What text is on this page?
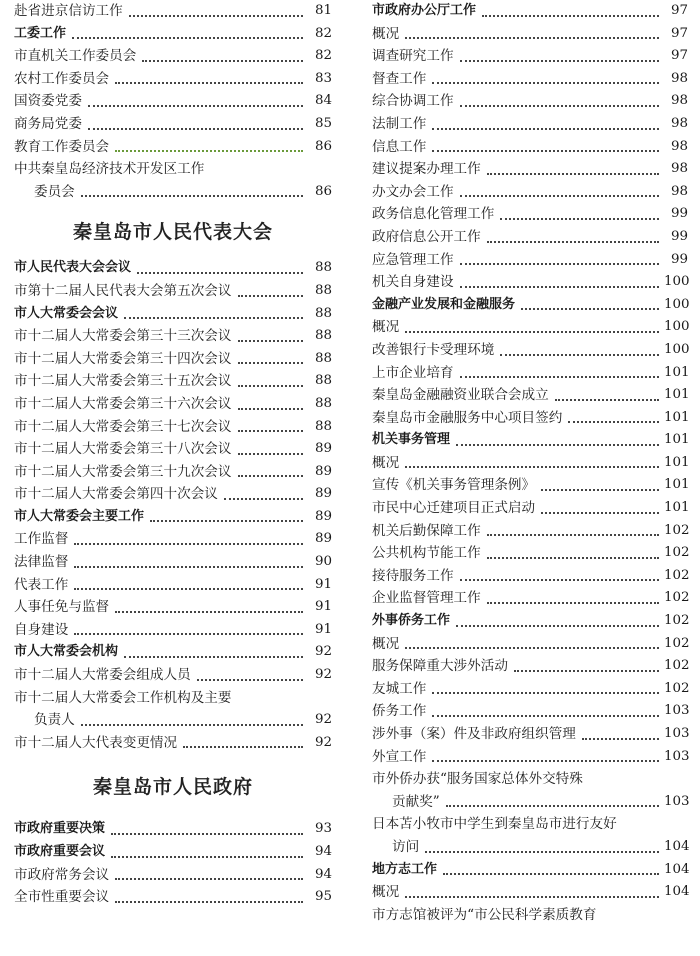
赴省进京信访工作	81
工委工作	82
市直机关工作委员会	82
农村工作委员会	83
国资委党委	84
商务局党委	85
教育工作委员会	86
中共秦皇岛经济技术开发区工作
委员会	86
秦皇岛市人民代表大会
市人民代表大会会议	88
市第十二届人民代表大会第五次会议	88
市人大常委会会议	88
市十二届人大常委会第三十三次会议	88
市十二届人大常委会第三十四次会议	88
市十二届人大常委会第三十五次会议	88
市十二届人大常委会第三十六次会议	88
市十二届人大常委会第三十七次会议	88
市十二届人大常委会第三十八次会议	89
市十二届人大常委会第三十九次会议	89
市十二届人大常委会第四十次会议	89
市人大常委会主要工作	89
工作监督	89
法律监督	90
代表工作	91
人事任免与监督	91
自身建设	91
市人大常委会机构	92
市十二届人大常委会组成人员	92
市十二届人大常委会工作机构及主要
负责人	92
市十二届人大代表变更情况	92
秦皇岛市人民政府
市政府重要决策	93
市政府重要会议	94
市政府常务会议	94
全市性重要会议	95
市政府办公厅工作	97
概况	97
调查研究工作	97
督查工作	98
综合协调工作	98
法制工作	98
信息工作	98
建议提案办理工作	98
办文办会工作	98
政务信息化管理工作	99
政府信息公开工作	99
应急管理工作	99
机关自身建设	100
金融产业发展和金融服务	100
概况	100
改善银行卡受理环境	100
上市企业培育	101
秦皇岛金融融资业联合会成立	101
秦皇岛市金融服务中心项目签约	101
机关事务管理	101
概况	101
宣传《机关事务管理条例》	101
市民中心迁建项目正式启动	101
机关后勤保障工作	102
公共机构节能工作	102
接待服务工作	102
企业监督管理工作	102
外事侨务工作	102
概况	102
服务保障重大涉外活动	102
友城工作	102
侨务工作	103
涉外事（案）件及非政府组织管理	103
外宣工作	103
市外侨办获“服务国家总体外交特殊
贡献奖”	103
日本苫小牧市中学生到秦皇岛市进行友好
访问	104
地方志工作	104
概况	104
市方志馆被评为“市公民科学素质教育
